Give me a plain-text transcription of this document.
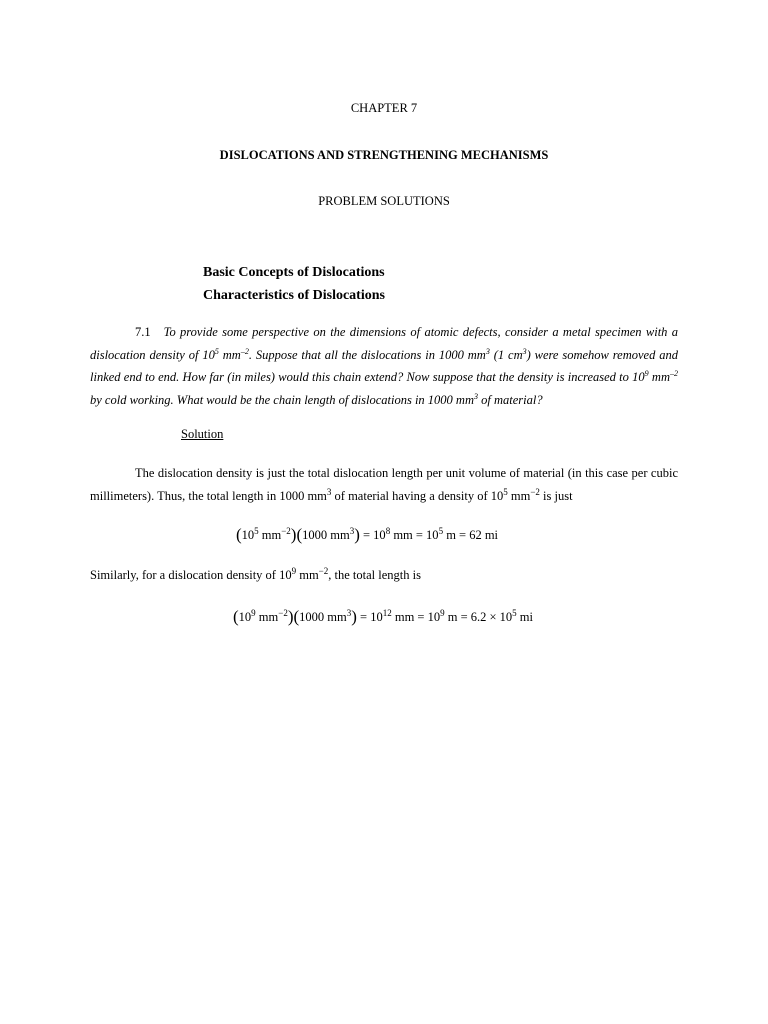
CHAPTER 7
DISLOCATIONS AND STRENGTHENING MECHANISMS
PROBLEM SOLUTIONS
Basic Concepts of Dislocations
Characteristics of Dislocations
7.1 To provide some perspective on the dimensions of atomic defects, consider a metal specimen with a dislocation density of $10^5$ $mm^{-2}$. Suppose that all the dislocations in 1000 $mm^3$ (1 $cm^3$) were somehow removed and linked end to end. How far (in miles) would this chain extend? Now suppose that the density is increased to $10^9$ $mm^{-2}$ by cold working. What would be the chain length of dislocations in 1000 $mm^3$ of material?
Solution
The dislocation density is just the total dislocation length per unit volume of material (in this case per cubic millimeters). Thus, the total length in 1000 $mm^3$ of material having a density of $10^5$ $mm^{-2}$ is just
($10^5$ $mm^{-2})(1000$ $mm^3) = 10^8$ mm = $10^5$ m = 62 mi
Similarly, for a dislocation density of $10^9$ $mm^{-2}$, the total length is
($10^9$ $mm^{-2})(1000$ $mm^3) = 10^{12}$ mm = $10^9$ $m = 6.2 \times 10^5$ mi
